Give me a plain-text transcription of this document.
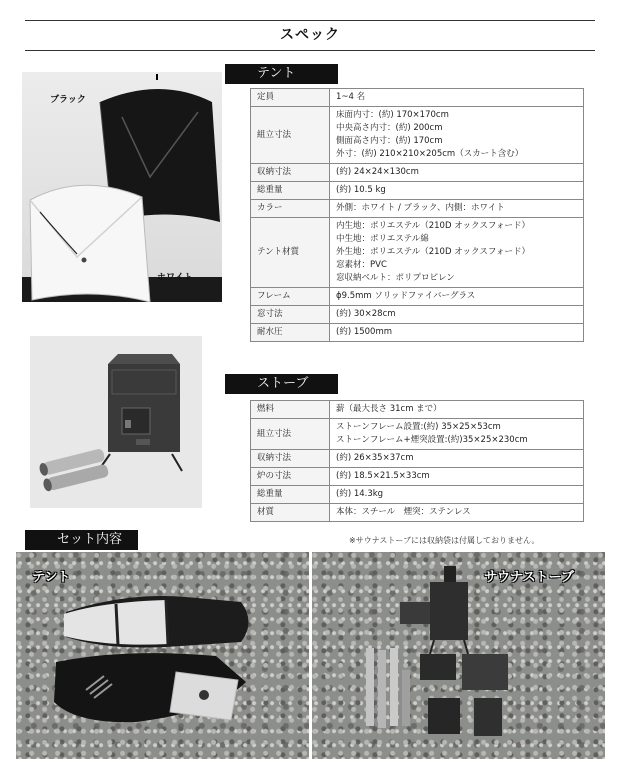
スペック
テント
ブラック
ホワイト
定員	1~4 名

組立寸法	床面内寸：(約) 170×170cm
中央高さ内寸：(約) 200cm
側面高さ内寸：(約) 170cm
外寸：(約) 210×210×205cm（スカート含む）

収納寸法	(約) 24×24×130cm

総重量	(約) 10.5 kg

カラー	外側：ホワイト / ブラック、内側：ホワイト

テント材質	内生地：ポリエステル（210D オックスフォード）
中生地：ポリエステル綿
外生地：ポリエステル（210D オックスフォード）
窓素材：PVC
窓収納ベルト：ポリプロピレン

フレーム	ϕ9.5mm ソリッドファイバーグラス

窓寸法	(約) 30×28cm

耐水圧	(約) 1500mm
ストーブ
燃料	薪（最大長さ 31cm まで）

組立寸法	ストーンフレーム設置:(約) 35×25×53cm
ストーンフレーム+煙突設置:(約)35×25×230cm

収納寸法	(約) 26×35×37cm

炉の寸法	(約) 18.5×21.5×33cm

総重量	(約) 14.3kg

材質	本体：スチール　煙突：ステンレス
※サウナストーブには収納袋は付属しておりません。
セット内容
テント	サウナストーブ
